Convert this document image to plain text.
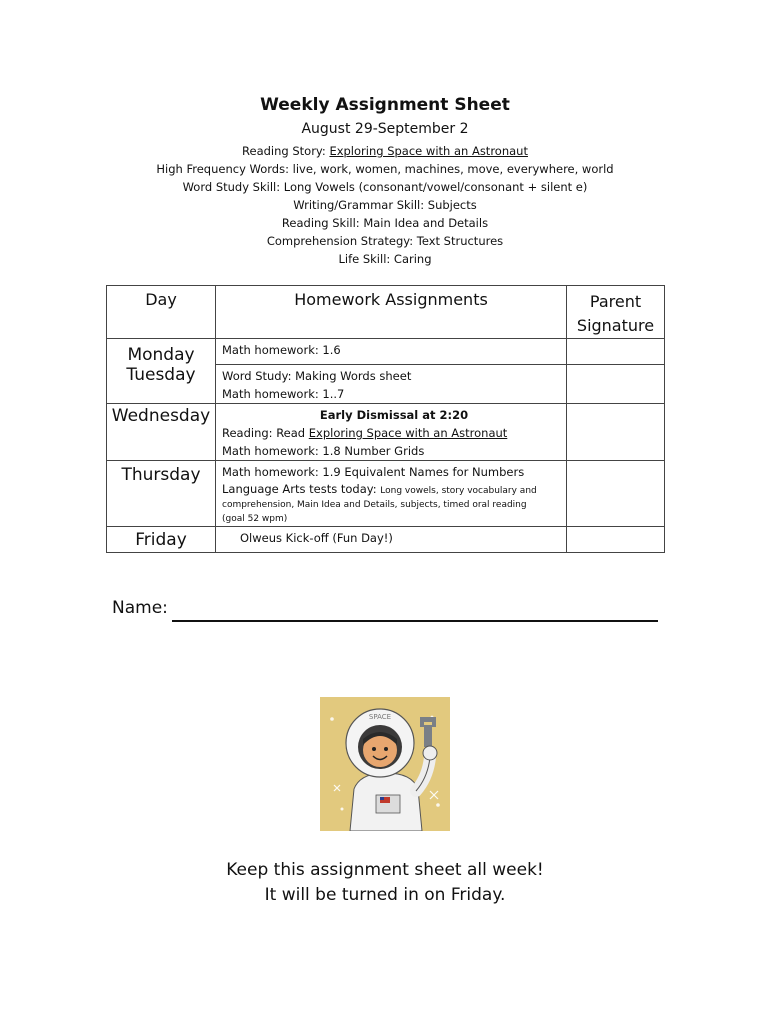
Weekly Assignment Sheet
August 29-September 2
Reading Story: Exploring Space with an Astronaut
High Frequency Words: live, work, women, machines, move, everywhere, world
Word Study Skill: Long Vowels (consonant/vowel/consonant + silent e)
Writing/Grammar Skill: Subjects
Reading Skill: Main Idea and Details
Comprehension Strategy: Text Structures
Life Skill: Caring
Day	Homework Assignments	Parent
Signature

Monday	Math homework: 1.6	
Tuesday	Word Study: Making Words sheet
Math homework: 1..7	

Wednesday	Early Dismissal at 2:20
Reading: Read Exploring Space with an Astronaut
Math homework: 1.8 Number Grids	

Thursday	Math homework: 1.9 Equivalent Names for Numbers
Language Arts tests today: Long vowels, story vocabulary and
comprehension, Main Idea and Details, subjects, timed oral reading
(goal 52 wpm)	

Friday	Olweus Kick-off (Fun Day!)	
Name:
SPACE
Keep this assignment sheet all week!
It will be turned in on Friday.
